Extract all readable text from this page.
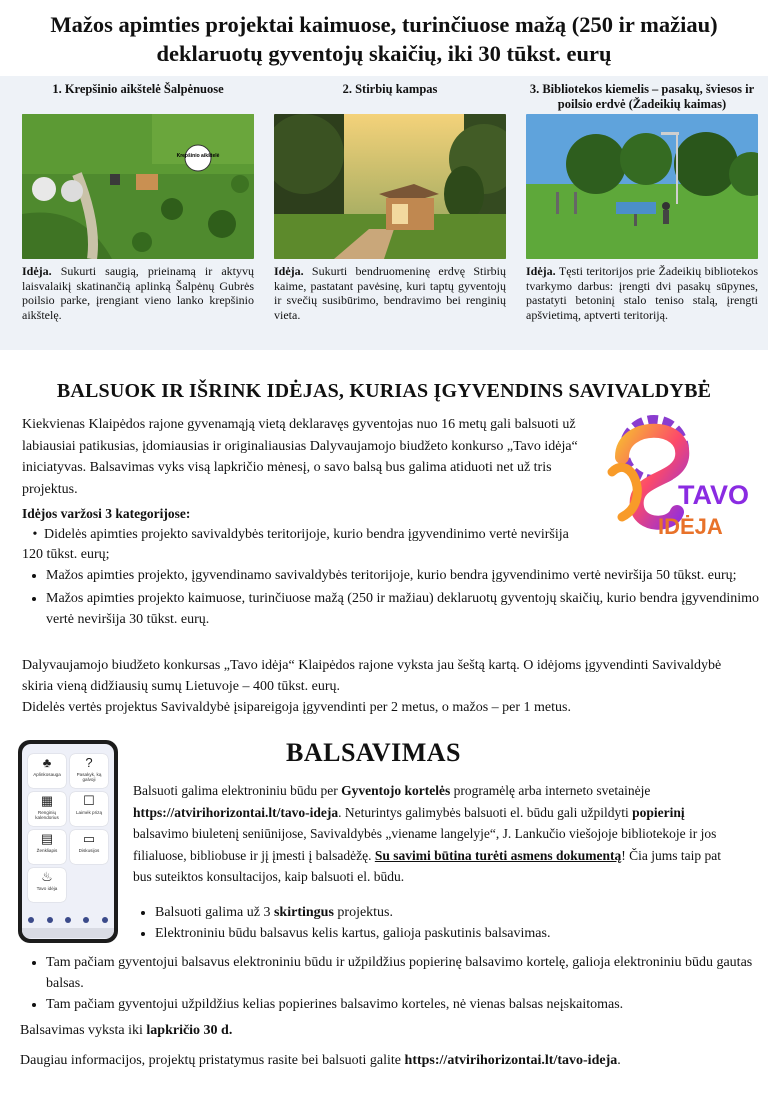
Mažos apimties projektai kaimuose, turinčiuose mažą (250 ir mažiau)
deklaruotų gyventojų skaičių, iki 30 tūkst. eurų
1. Krepšinio aikštelė Šalpėnuose
Krepšinio aikštelė
Idėja. Sukurti saugią, prieinamą ir aktyvų laisvalaikį skatinančią aplinką Šalpėnų Gubrės poilsio parke, įrengiant vieno lanko krepšinio aikštelę.
2. Stirbių kampas
Idėja. Sukurti bendruomeninę erdvę Stirbių kaime, pastatant pavėsinę, kuri taptų gyventojų ir svečių susibūrimo, bendravimo bei renginių vieta.
3. Bibliotekos kiemelis – pasakų, šviesos ir poilsio erdvė (Žadeikių kaimas)
Idėja. Tęsti teritorijos prie Žadeikių bibliotekos tvarkymo darbus: įrengti dvi pasakų sūpynes, pastatyti betoninį stalo teniso stalą, įrengti apšvietimą, aptverti teritoriją.
BALSUOK IR IŠRINK IDĖJAS, KURIAS ĮGYVENDINS SAVIVALDYBĖ
Kiekvienas Klaipėdos rajone gyvenamąją vietą deklaravęs gyventojas nuo 16 metų gali balsuoti už labiausiai patikusias, įdomiausias ir originaliausias Dalyvaujamojo biudžeto konkurso „Tavo idėja“ iniciatyvas. Balsavimas vyks visą lapkričio mėnesį, o savo balsą bus galima atiduoti net už tris projektus.	TAVO
IDĖJA
Idėjos varžosi 3 kategorijose:
• Didelės apimties projekto savivaldybės teritorijoje, kurio bendra įgyvendinimo vertė neviršija 120 tūkst. eurų;
• Mažos apimties projekto, įgyvendinamo savivaldybės teritorijoje, kurio bendra įgyvendinimo vertė neviršija 50 tūkst. eurų;
• Mažos apimties projekto kaimuose, turinčiuose mažą (250 ir mažiau) deklaruotų gyventojų skaičių, kurio bendra įgyvendinimo vertė neviršija 30 tūkst. eurų.
Dalyvaujamojo biudžeto konkursas „Tavo idėja“ Klaipėdos rajone vyksta jau šeštą kartą. O idėjoms įgyvendinti Savivaldybė skiria vieną didžiausių sumų Lietuvoje – 400 tūkst. eurų.
Didelės vertės projektus Savivaldybė įsipareigoja įgyvendinti per 2 metus, o mažos – per 1 metus.
BALSAVIMAS
♣
Aplinkosauga
?
Pasakyk, ką galvoji
▦
Renginių kalendorius
☐
Laimėk prizą
▤
Ženkliapis
▭
Diskusijos
♨
Tavo idėja
Balsuoti galima elektroniniu būdu per Gyventojo kortelės programėlę arba interneto svetainėje https://atvirihorizontai.lt/tavo-ideja. Neturintys galimybės balsuoti el. būdu gali užpildyti popierinį balsavimo biuletenį seniūnijose, Savivaldybės „viename langelyje“, J. Lankučio viešojoje bibliotekoje ir jos filialuose, bibliobuse ir jį įmesti į balsadėžę. Su savimi būtina turėti asmens dokumentą! Čia jums taip pat bus suteiktos konsultacijos, kaip balsuoti el. būdu.
• Balsuoti galima už 3 skirtingus projektus.
• Elektroniniu būdu balsavus kelis kartus, galioja paskutinis balsavimas.
• Tam pačiam gyventojui balsavus elektroniniu būdu ir užpildžius popierinę balsavimo kortelę, galioja elektroniniu būdu gautas balsas.
• Tam pačiam gyventojui užpildžius kelias popierines balsavimo korteles, nė vienas balsas neįskaitomas.
Balsavimas vyksta iki lapkričio 30 d.
Daugiau informacijos, projektų pristatymus rasite bei balsuoti galite https://atvirihorizontai.lt/tavo-ideja.
